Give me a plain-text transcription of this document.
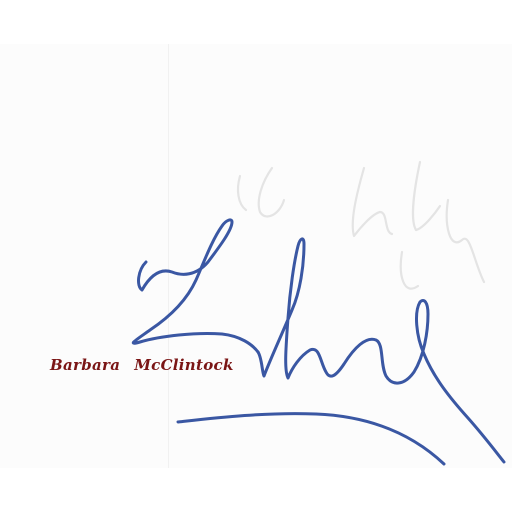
Barbara McClintock
